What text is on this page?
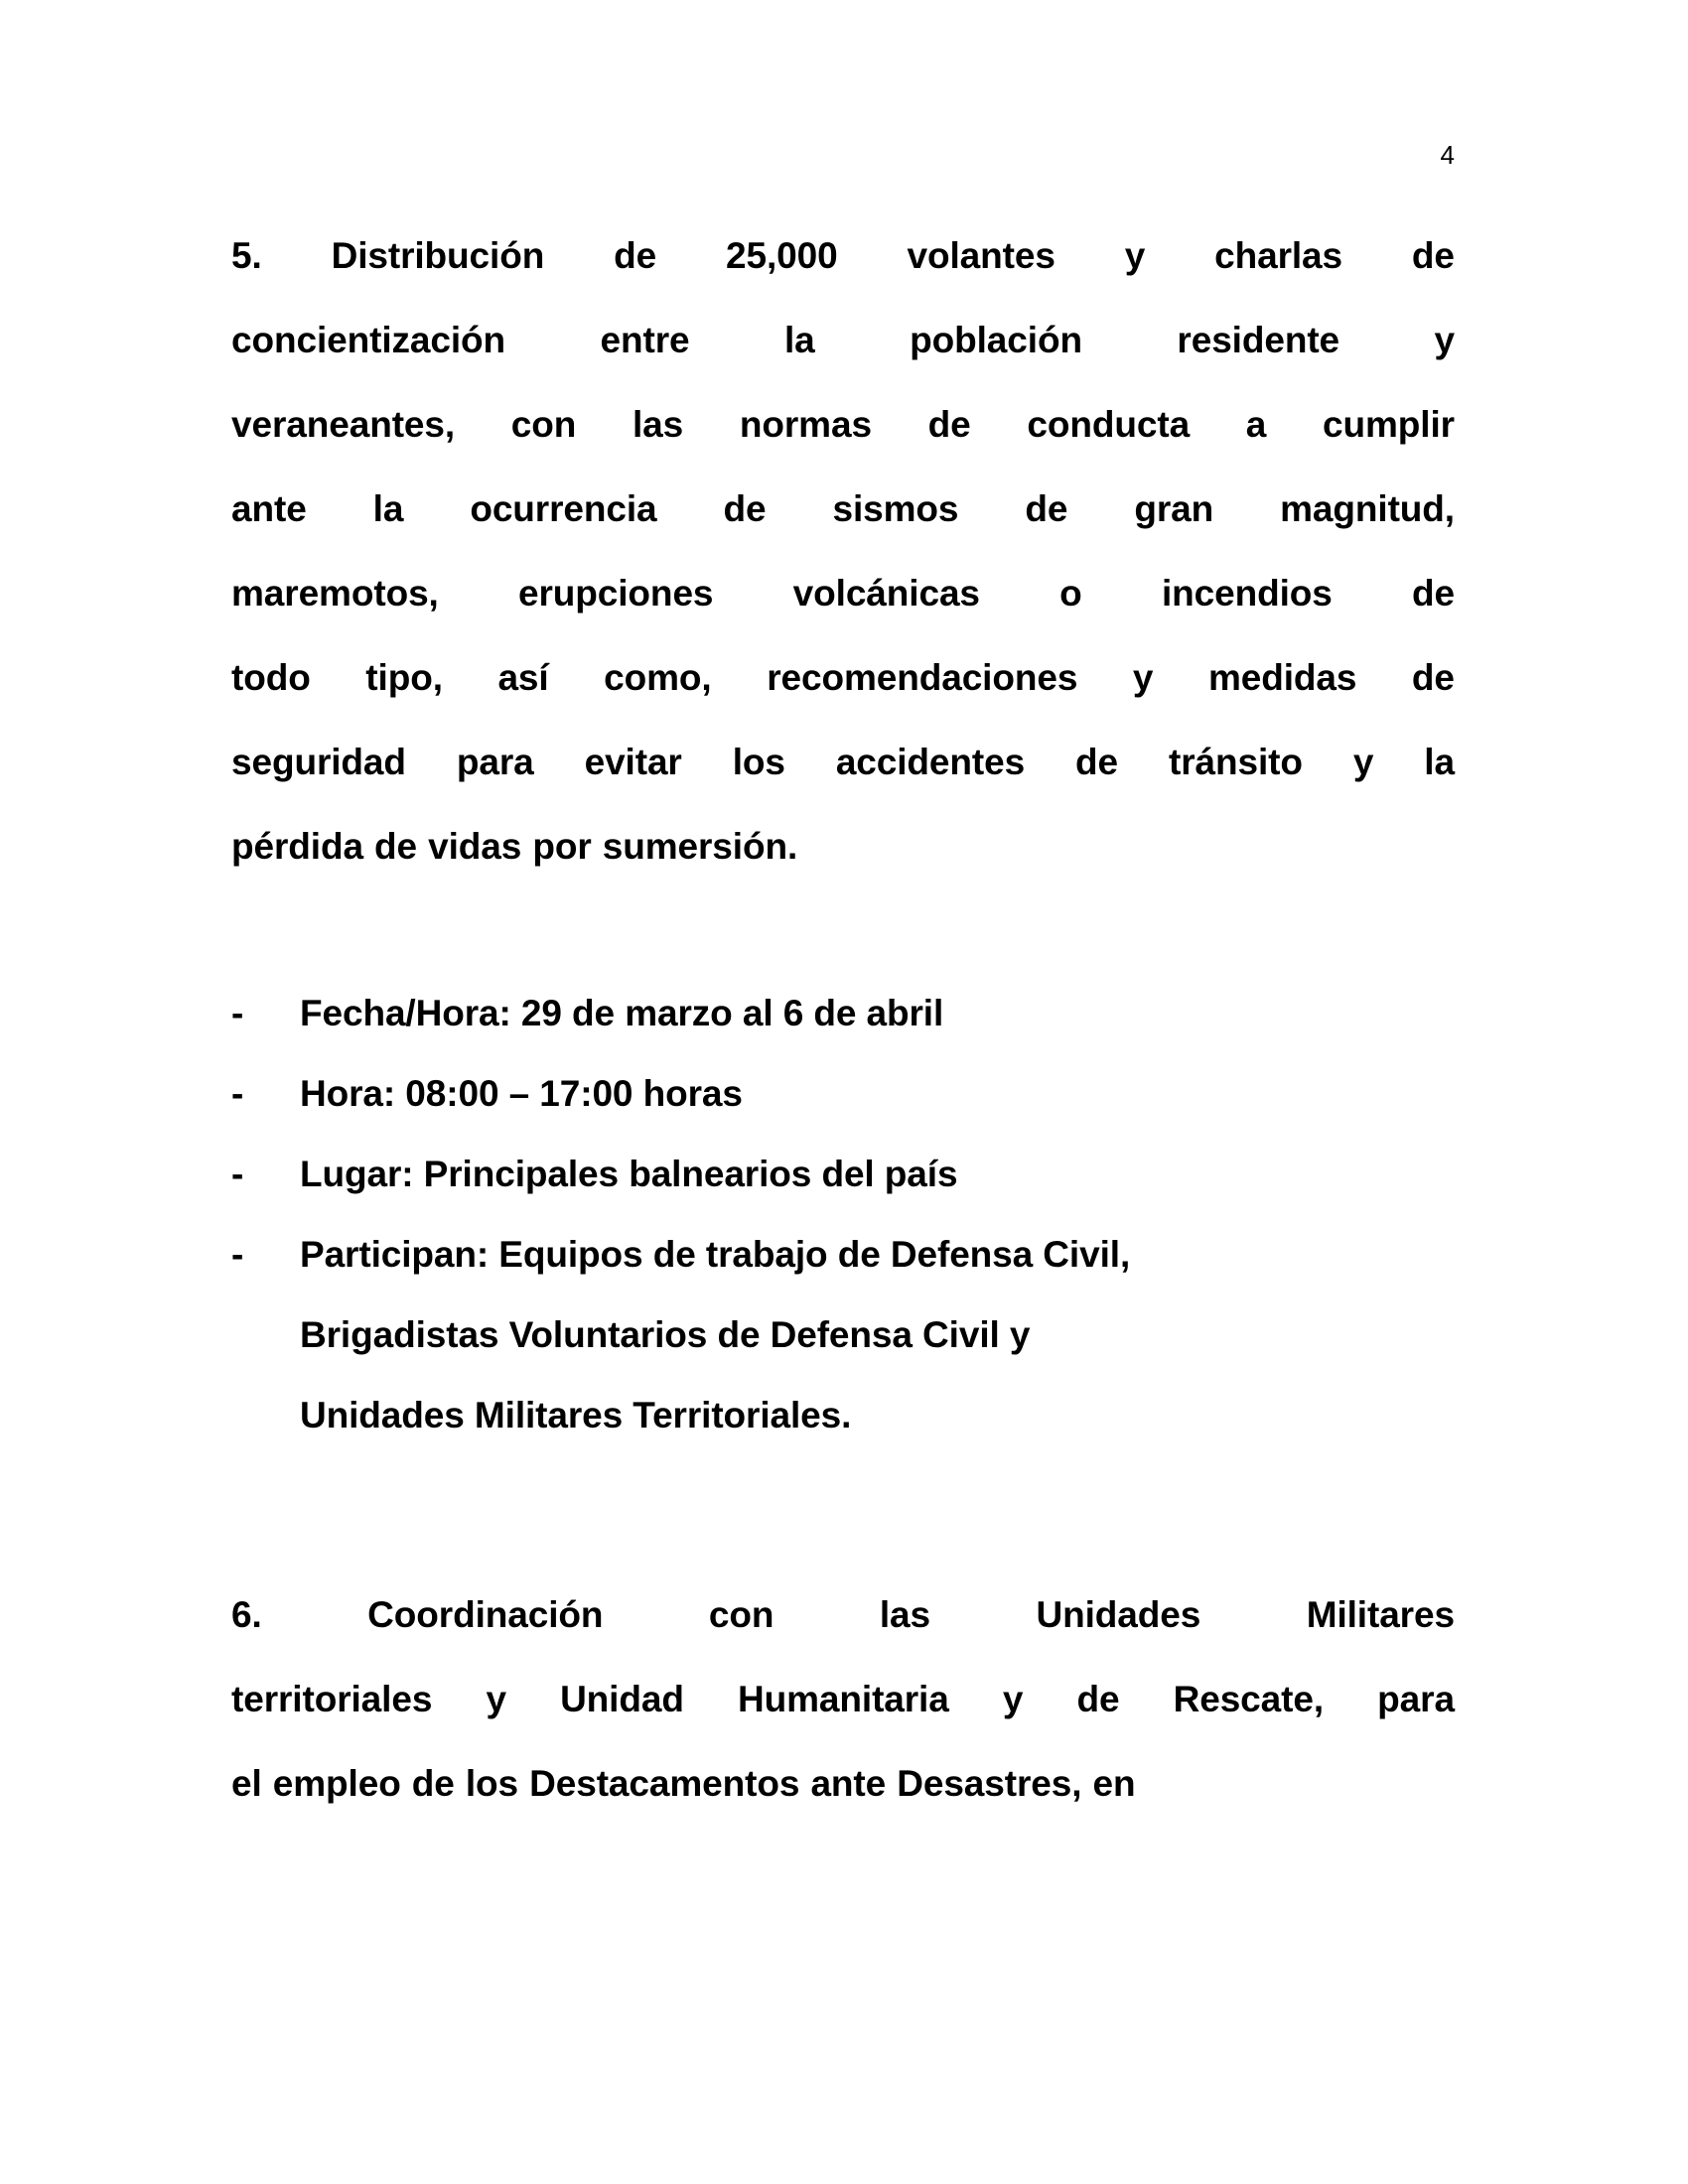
4
5. Distribución de 25,000 volantes y charlas de
concientización	entre	la	población	residente	y
veraneantes, con las normas de conducta a cumplir
ante la ocurrencia de sismos de gran magnitud,
maremotos, erupciones volcánicas o incendios de
todo tipo, así como, recomendaciones y medidas de
seguridad para evitar los accidentes de tránsito y la
pérdida de vidas por sumersión.
-	Fecha/Hora: 29 de marzo al 6 de abril
-	Hora: 08:00 – 17:00 horas
-	Lugar: Principales balnearios del país
-	Participan: Equipos de trabajo de Defensa Civil,
Brigadistas Voluntarios de Defensa Civil y
Unidades Militares Territoriales.
6.	Coordinación	con	las	Unidades	Militares
territoriales y Unidad Humanitaria y de Rescate, para
el empleo de los Destacamentos ante Desastres, en
